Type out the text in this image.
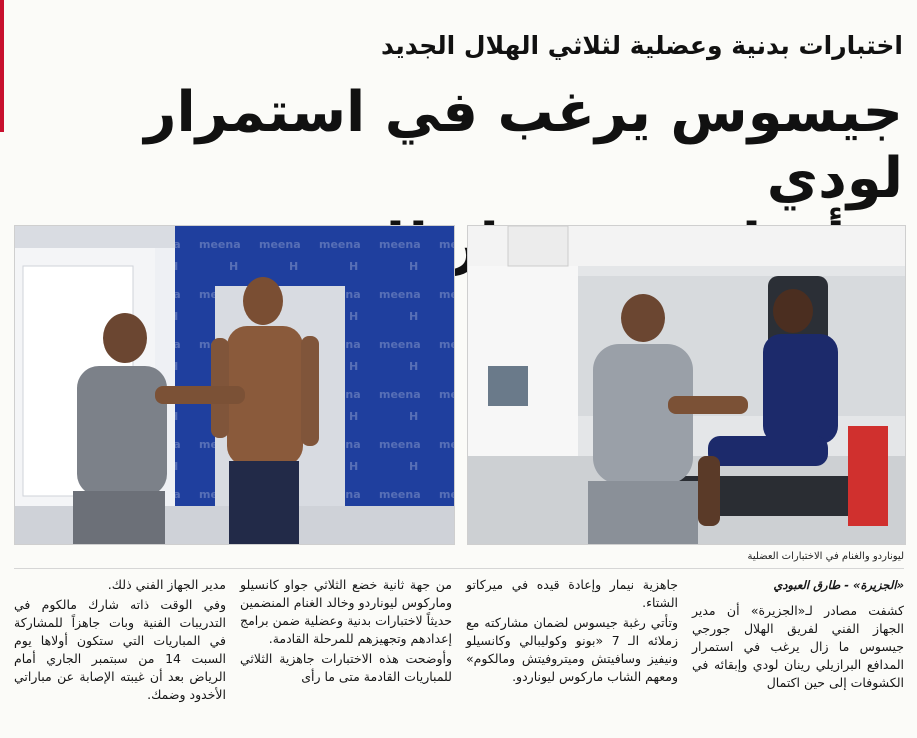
اختبارات بدنية وعضلية لثلاثي الهلال الجديد
جيسوس يرغب في استمرار لودي
ليوناردو والغنام في الاختبارات العضلية
«الجزيرة» - طارق العبودي

كشفت مصادر لـ«الجزيرة» أن مدير الجهاز الفني لفريق الهلال جورجي جيسوس ما زال يرغب في استمرار المدافع البرازيلي رينان لودي وإبقائه في الكشوفات إلى حين اكتمال

جاهزية نيمار وإعادة قيده في ميركاتو الشتاء.

وتأتي رغبة جيسوس لضمان مشاركته مع زملائه الـ 7 «بونو وكوليبالي وكانسيلو ونيفيز وسافيتش وميتروفيتش ومالكوم» ومعهم الشاب ماركوس ليوناردو.

من جهة ثانية خضع الثلاثي جواو كانسيلو وماركوس ليوناردو وخالد الغنام المنضمين حديثاً لاختبارات بدنية وعضلية ضمن برامج إعدادهم وتجهيزهم للمرحلة القادمة.

وأوضحت هذه الاختبارات جاهزية الثلاثي للمباريات القادمة متى ما رأى

مدير الجهاز الفني ذلك.

وفي الوقت ذاته شارك مالكوم في التدريبات الفنية وبات جاهزاً للمشاركة في المباريات التي ستكون أولاها يوم السبت 14 من سبتمبر الجاري أمام الرياض بعد أن غيبته الإصابة عن مباراتي الأخدود وضمك.
